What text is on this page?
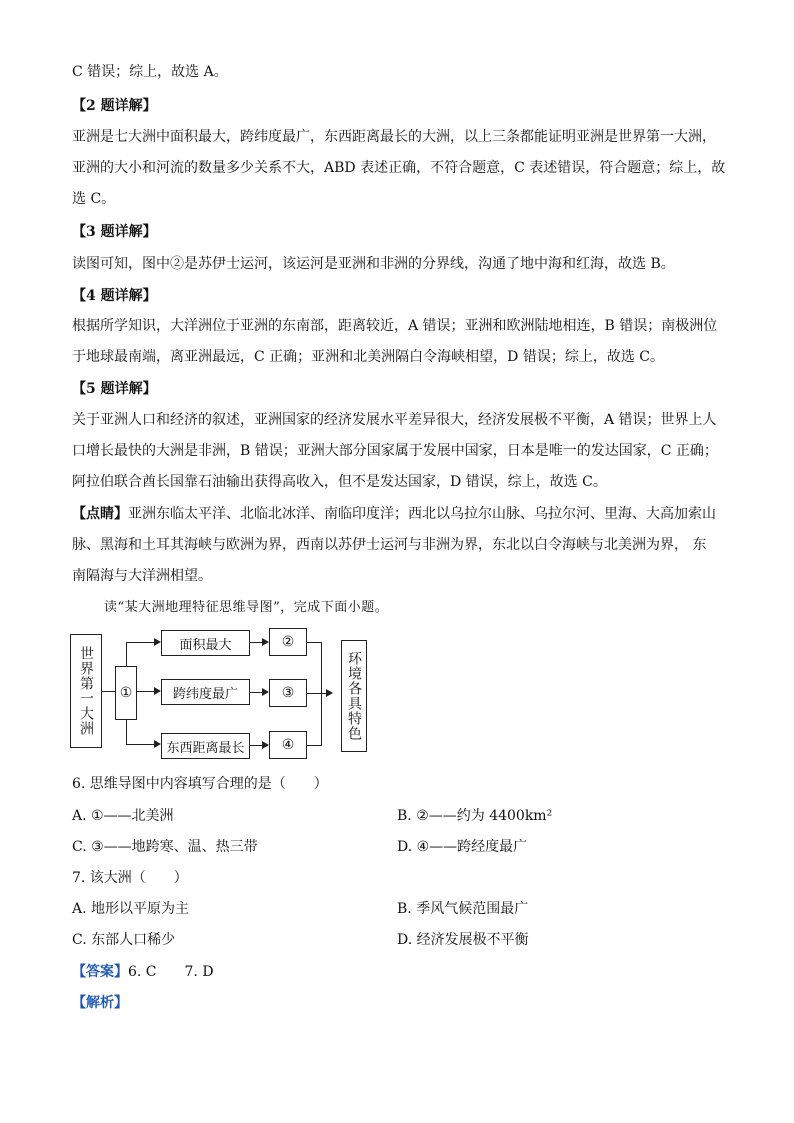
C 错误；综上，故选 A。
【2 题详解】
亚洲是七大洲中面积最大，跨纬度最广，东西距离最长的大洲，以上三条都能证明亚洲是世界第一大洲，
亚洲的大小和河流的数量多少关系不大，ABD 表述正确，不符合题意，C 表述错误，符合题意；综上，故
选 C。
【3 题详解】
读图可知，图中②是苏伊士运河，该运河是亚洲和非洲的分界线，沟通了地中海和红海，故选 B。
【4 题详解】
根据所学知识，大洋洲位于亚洲的东南部，距离较近，A 错误；亚洲和欧洲陆地相连，B 错误；南极洲位
于地球最南端，离亚洲最远，C 正确；亚洲和北美洲隔白令海峡相望，D 错误；综上，故选 C。
【5 题详解】
关于亚洲人口和经济的叙述，亚洲国家的经济发展水平差异很大，经济发展极不平衡，A 错误；世界上人
口增长最快的大洲是非洲，B 错误；亚洲大部分国家属于发展中国家，日本是唯一的发达国家，C 正确；
阿拉伯联合酋长国靠石油输出获得高收入，但不是发达国家，D 错误，综上，故选 C。
【点睛】亚洲东临太平洋、北临北冰洋、南临印度洋；西北以乌拉尔山脉、乌拉尔河、里海、大高加索山
脉、黑海和土耳其海峡与欧洲为界，西南以苏伊士运河与非洲为界，东北以白令海峡与北美洲为界， 东
南隔海与大洋洲相望。
读“某大洲地理特征思维导图”，完成下面小题。
世界第一大洲 ①
面积最大
跨纬度最广
东西距离最长
②
③
④
环境各具特色
6. 思维导图中内容填写合理的是（　　）
A. ①——北美洲	B. ②——约为 4400km²
C. ③——地跨寒、温、热三带	D. ④——跨经度最广
7. 该大洲（　　）
A. 地形以平原为主	B. 季风气候范围最广
C. 东部人口稀少	D. 经济发展极不平衡
【答案】6. C　　7. D
【解析】
